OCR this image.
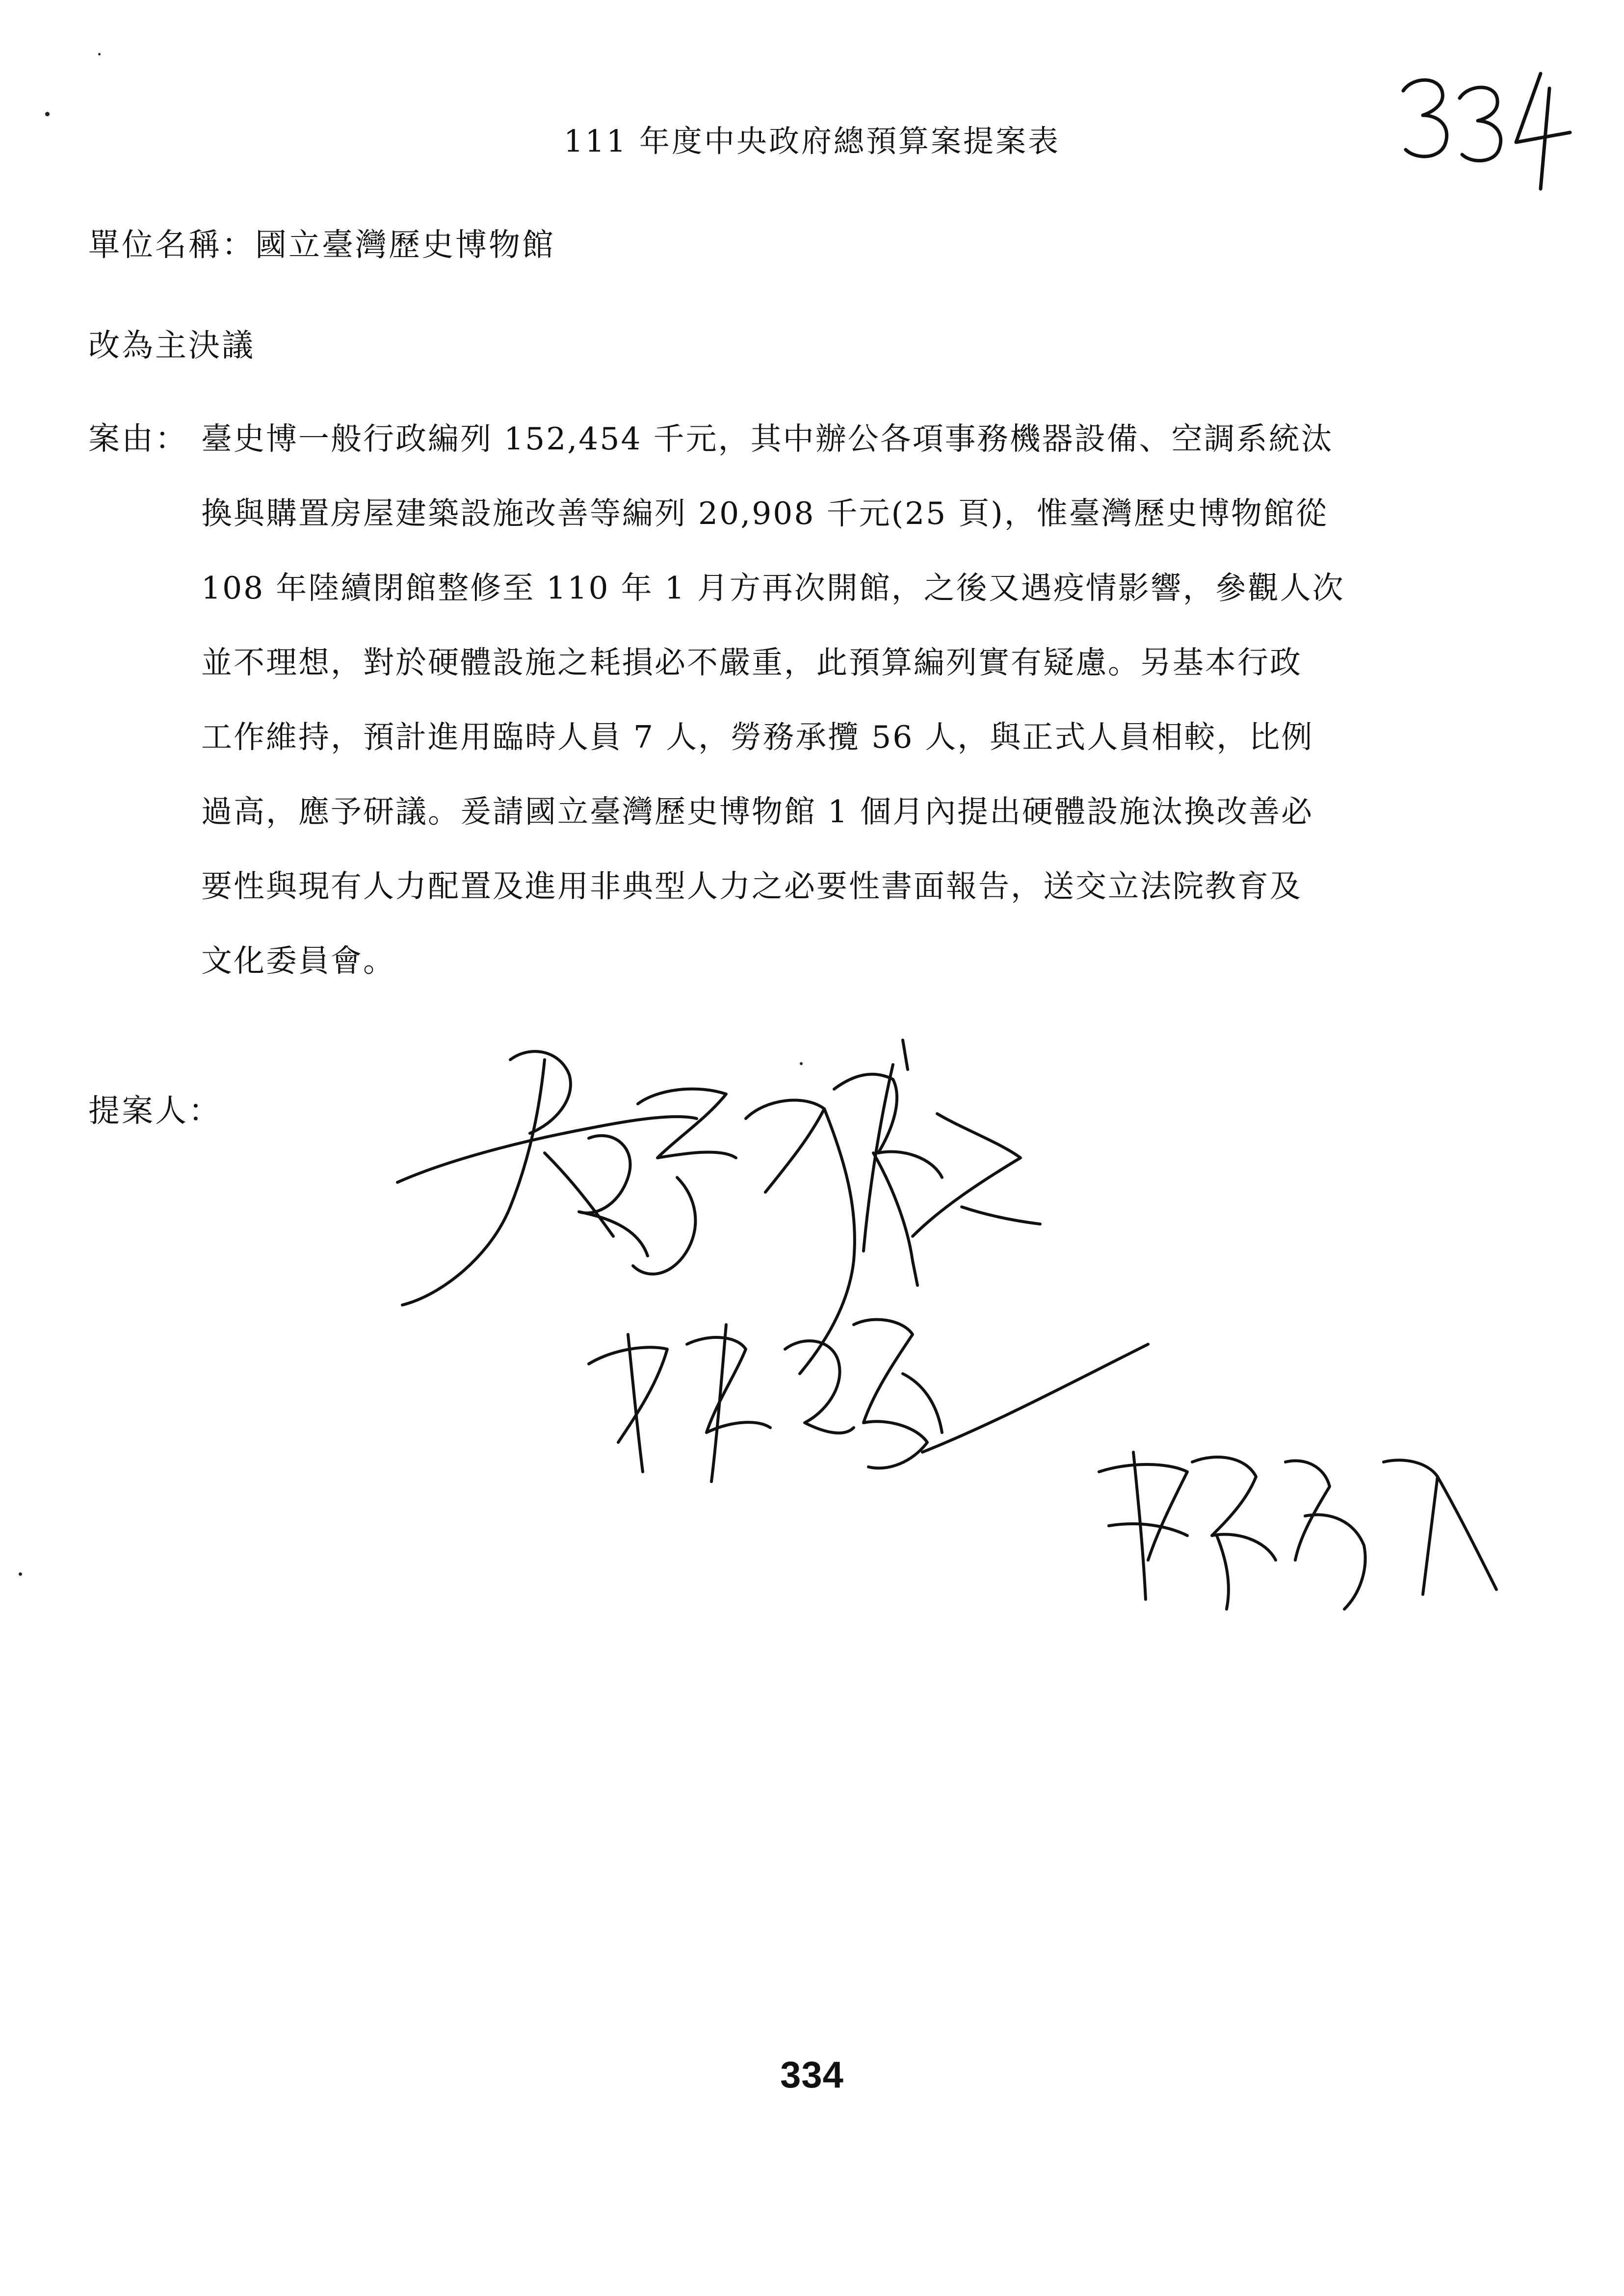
111 年度中央政府總預算案提案表
單位名稱：國立臺灣歷史博物館
改為主決議
案由： 臺史博一般行政編列 152,454 千元，其中辦公各項事務機器設備、空調系統汰
換與購置房屋建築設施改善等編列 20,908 千元(25 頁)，惟臺灣歷史博物館從
108 年陸續閉館整修至 110 年 1 月方再次開館，之後又遇疫情影響，參觀人次
並不理想，對於硬體設施之耗損必不嚴重，此預算編列實有疑慮。另基本行政
工作維持，預計進用臨時人員 7 人，勞務承攬 56 人，與正式人員相較，比例
過高，應予研議。爰請國立臺灣歷史博物館 1 個月內提出硬體設施汰換改善必
要性與現有人力配置及進用非典型人力之必要性書面報告，送交立法院教育及
文化委員會。
提案人：
334
